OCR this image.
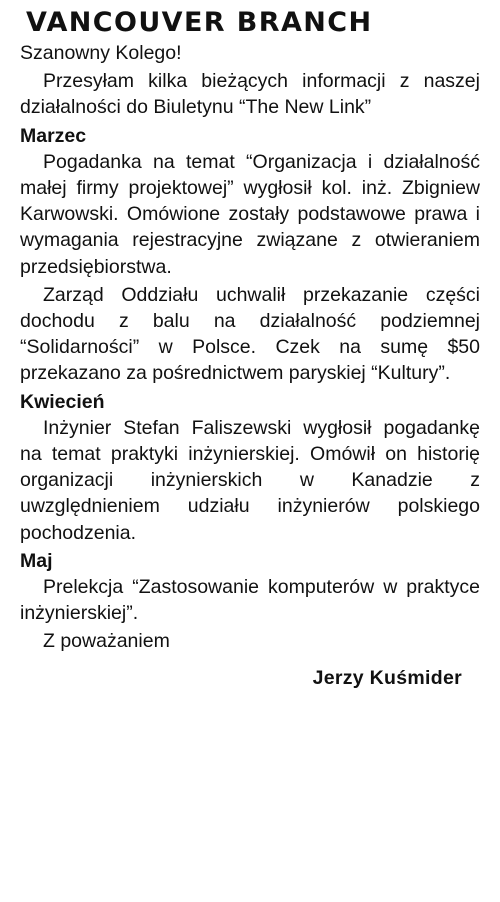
VANCOUVER BRANCH
Szanowny Kolego!
Przesyłam kilka bieżących informacji z naszej działalności do Biuletynu “The New Link”
Marzec
Pogadanka na temat “Organizacja i działalność małej firmy projektowej” wygłosił kol. inż. Zbigniew Karwowski. Omówione zostały podstawowe prawa i wymagania rejestracyjne związane z otwieraniem przedsiębiorstwa.
Zarząd Oddziału uchwalił przekazanie części dochodu z balu na działalność podziemnej “Solidarności” w Polsce. Czek na sumę $50 przekazano za pośrednictwem paryskiej “Kultury”.
Kwiecień
Inżynier Stefan Faliszewski wygłosił pogadankę na temat praktyki inżynierskiej. Omówił on historię organizacji inżynierskich w Kanadzie z uwzględnieniem udziału inżynierów polskiego pochodzenia.
Maj
Prelekcja “Zastosowanie komputerów w praktyce inżynierskiej”.
Z poważaniem
Jerzy Kuśmider
